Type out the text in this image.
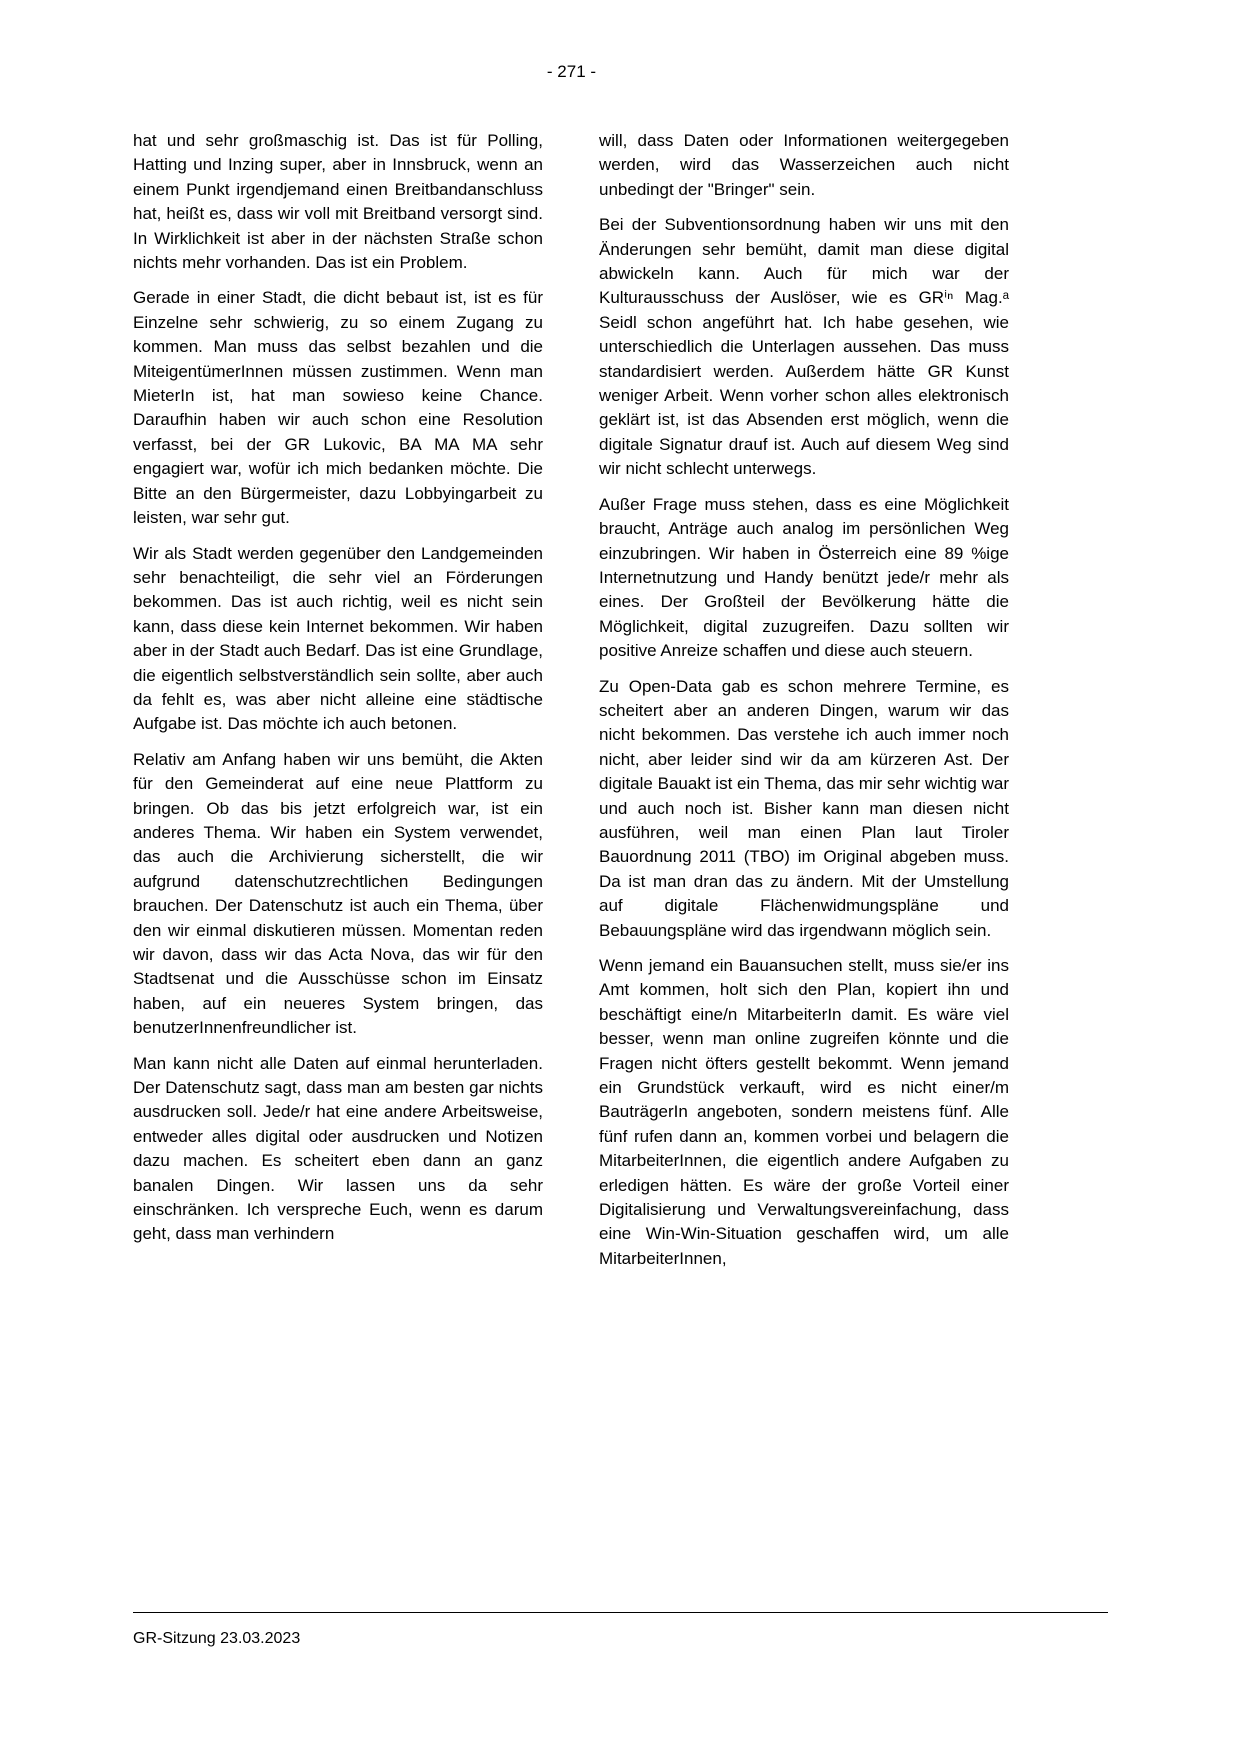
- 271 -

hat und sehr großmaschig ist. Das ist für Polling, Hatting und Inzing super, aber in Innsbruck, wenn an einem Punkt irgendjemand einen Breitbandanschluss hat, heißt es, dass wir voll mit Breitband versorgt sind. In Wirklichkeit ist aber in der nächsten Straße schon nichts mehr vorhanden. Das ist ein Problem.

Gerade in einer Stadt, die dicht bebaut ist, ist es für Einzelne sehr schwierig, zu so einem Zugang zu kommen. Man muss das selbst bezahlen und die MiteigentümerInnen müssen zustimmen. Wenn man MieterIn ist, hat man sowieso keine Chance. Daraufhin haben wir auch schon eine Resolution verfasst, bei der GR Lukovic, BA MA MA sehr engagiert war, wofür ich mich bedanken möchte. Die Bitte an den Bürgermeister, dazu Lobbyingarbeit zu leisten, war sehr gut.

Wir als Stadt werden gegenüber den Landgemeinden sehr benachteiligt, die sehr viel an Förderungen bekommen. Das ist auch richtig, weil es nicht sein kann, dass diese kein Internet bekommen. Wir haben aber in der Stadt auch Bedarf. Das ist eine Grundlage, die eigentlich selbstverständlich sein sollte, aber auch da fehlt es, was aber nicht alleine eine städtische Aufgabe ist. Das möchte ich auch betonen.

Relativ am Anfang haben wir uns bemüht, die Akten für den Gemeinderat auf eine neue Plattform zu bringen. Ob das bis jetzt erfolgreich war, ist ein anderes Thema. Wir haben ein System verwendet, das auch die Archivierung sicherstellt, die wir aufgrund datenschutzrechtlichen Bedingungen brauchen. Der Datenschutz ist auch ein Thema, über den wir einmal diskutieren müssen. Momentan reden wir davon, dass wir das Acta Nova, das wir für den Stadtsenat und die Ausschüsse schon im Einsatz haben, auf ein neueres System bringen, das benutzerInnenfreundlicher ist.

Man kann nicht alle Daten auf einmal herunterladen. Der Datenschutz sagt, dass man am besten gar nichts ausdrucken soll. Jede/r hat eine andere Arbeitsweise, entweder alles digital oder ausdrucken und Notizen dazu machen. Es scheitert eben dann an ganz banalen Dingen. Wir lassen uns da sehr einschränken. Ich verspreche Euch, wenn es darum geht, dass man verhindern

will, dass Daten oder Informationen weitergegeben werden, wird das Wasserzeichen auch nicht unbedingt der "Bringer" sein.

Bei der Subventionsordnung haben wir uns mit den Änderungen sehr bemüht, damit man diese digital abwickeln kann. Auch für mich war der Kulturausschuss der Auslöser, wie es GRⁱⁿ Mag.ᵃ Seidl schon angeführt hat. Ich habe gesehen, wie unterschiedlich die Unterlagen aussehen. Das muss standardisiert werden. Außerdem hätte GR Kunst weniger Arbeit. Wenn vorher schon alles elektronisch geklärt ist, ist das Absenden erst möglich, wenn die digitale Signatur drauf ist. Auch auf diesem Weg sind wir nicht schlecht unterwegs.

Außer Frage muss stehen, dass es eine Möglichkeit braucht, Anträge auch analog im persönlichen Weg einzubringen. Wir haben in Österreich eine 89 %ige Internetnutzung und Handy benützt jede/r mehr als eines. Der Großteil der Bevölkerung hätte die Möglichkeit, digital zuzugreifen. Dazu sollten wir positive Anreize schaffen und diese auch steuern.

Zu Open-Data gab es schon mehrere Termine, es scheitert aber an anderen Dingen, warum wir das nicht bekommen. Das verstehe ich auch immer noch nicht, aber leider sind wir da am kürzeren Ast. Der digitale Bauakt ist ein Thema, das mir sehr wichtig war und auch noch ist. Bisher kann man diesen nicht ausführen, weil man einen Plan laut Tiroler Bauordnung 2011 (TBO) im Original abgeben muss. Da ist man dran das zu ändern. Mit der Umstellung auf digitale Flächenwidmungspläne und Bebauungspläne wird das irgendwann möglich sein.

Wenn jemand ein Bauansuchen stellt, muss sie/er ins Amt kommen, holt sich den Plan, kopiert ihn und beschäftigt eine/n MitarbeiterIn damit. Es wäre viel besser, wenn man online zugreifen könnte und die Fragen nicht öfters gestellt bekommt. Wenn jemand ein Grundstück verkauft, wird es nicht einer/m BauträgerIn angeboten, sondern meistens fünf. Alle fünf rufen dann an, kommen vorbei und belagern die MitarbeiterInnen, die eigentlich andere Aufgaben zu erledigen hätten. Es wäre der große Vorteil einer Digitalisierung und Verwaltungsvereinfachung, dass eine Win-Win-Situation geschaffen wird, um alle MitarbeiterInnen,

GR-Sitzung 23.03.2023
